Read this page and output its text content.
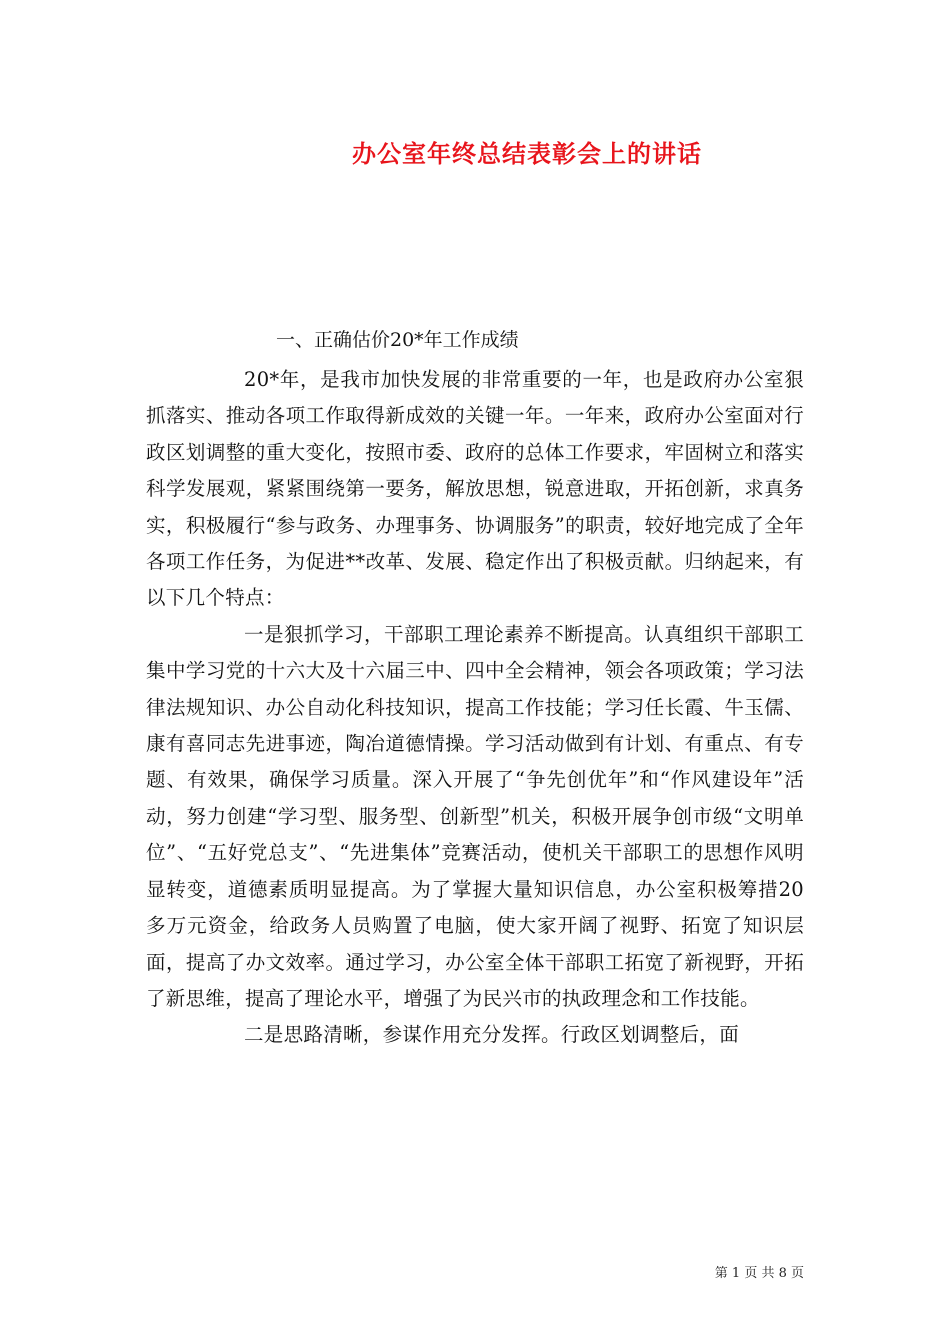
办公室年终总结表彰会上的讲话
一、正确估价20*年工作成绩

20*年，是我市加快发展的非常重要的一年，也是政府办公室狠抓落实、推动各项工作取得新成效的关键一年。一年来，政府办公室面对行政区划调整的重大变化，按照市委、政府的总体工作要求，牢固树立和落实科学发展观，紧紧围绕第一要务，解放思想，锐意进取，开拓创新，求真务实，积极履行“参与政务、办理事务、协调服务”的职责，较好地完成了全年各项工作任务，为促进**改革、发展、稳定作出了积极贡献。归纳起来，有以下几个特点：

一是狠抓学习，干部职工理论素养不断提高。认真组织干部职工集中学习党的十六大及十六届三中、四中全会精神，领会各项政策；学习法律法规知识、办公自动化科技知识，提高工作技能；学习任长霞、牛玉儒、康有喜同志先进事迹，陶冶道德情操。学习活动做到有计划、有重点、有专题、有效果，确保学习质量。深入开展了“争先创优年”和“作风建设年”活动，努力创建“学习型、服务型、创新型”机关，积极开展争创市级“文明单位”、“五好党总支”、“先进集体”竞赛活动，使机关干部职工的思想作风明显转变，道德素质明显提高。为了掌握大量知识信息，办公室积极筹措20多万元资金，给政务人员购置了电脑，使大家开阔了视野、拓宽了知识层面，提高了办文效率。通过学习，办公室全体干部职工拓宽了新视野，开拓了新思维，提高了理论水平，增强了为民兴市的执政理念和工作技能。

二是思路清晰，参谋作用充分发挥。行政区划调整后，面

第 1 页 共 8 页
